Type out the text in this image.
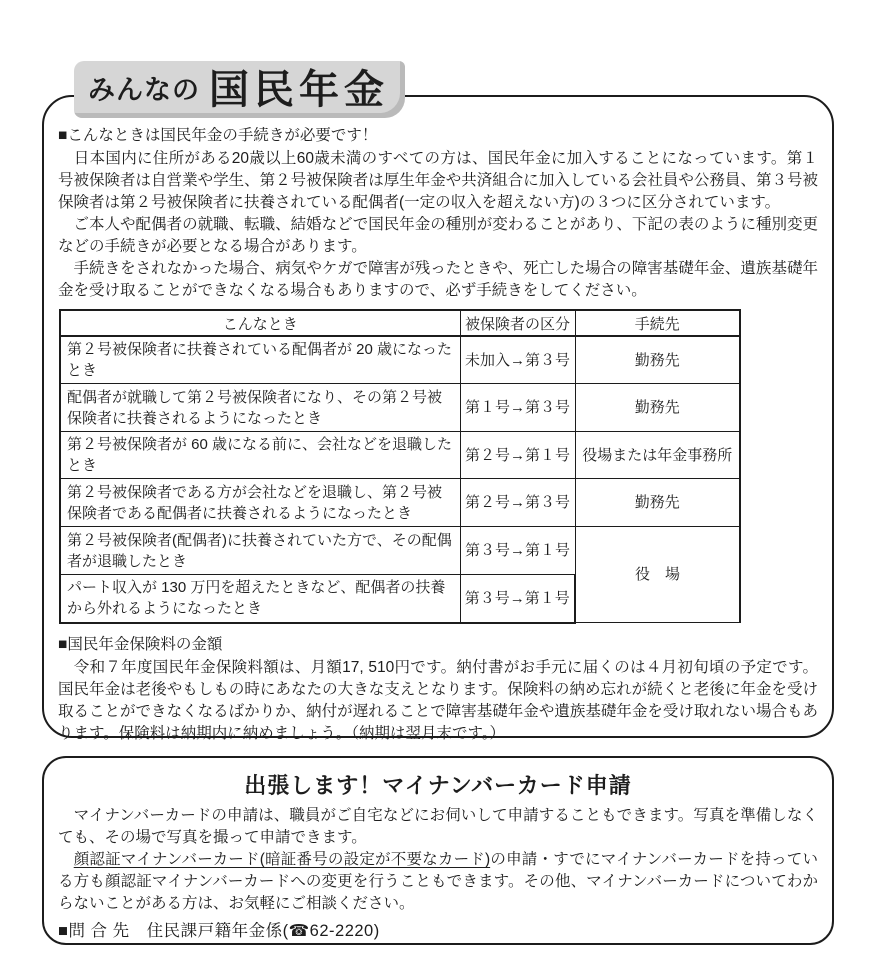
みんなの 国民年金
■こんなときは国民年金の手続きが必要です！

　日本国内に住所がある20歳以上60歳未満のすべての方は、国民年金に加入することになっています。第１号被保険者は自営業や学生、第２号被保険者は厚生年金や共済組合に加入している会社員や公務員、第３号被保険者は第２号被保険者に扶養されている配偶者(一定の収入を超えない方)の３つに区分されています。

　ご本人や配偶者の就職、転職、結婚などで国民年金の種別が変わることがあり、下記の表のように種別変更などの手続きが必要となる場合があります。

　手続きをされなかった場合、病気やケガで障害が残ったときや、死亡した場合の障害基礎年金、遺族基礎年金を受け取ることができなくなる場合もありますので、必ず手続きをしてください。

こんなとき	被保険者の区分	手続先
第２号被保険者に扶養されている配偶者が 20 歳になったとき	未加入→第３号	勤務先
配偶者が就職して第２号被保険者になり、その第２号被保険者に扶養されるようになったとき	第１号→第３号	勤務先
第２号被保険者が 60 歳になる前に、会社などを退職したとき	第２号→第１号	役場または年金事務所
第２号被保険者である方が会社などを退職し、第２号被保険者である配偶者に扶養されるようになったとき	第２号→第３号	勤務先
第２号被保険者(配偶者)に扶養されていた方で、その配偶者が退職したとき	第３号→第１号	役　場
パート収入が 130 万円を超えたときなど、配偶者の扶養から外れるようになったとき	第３号→第１号	
■国民年金保険料の金額

　令和７年度国民年金保険料額は、月額17, 510円です。納付書がお手元に届くのは４月初旬頃の予定です。国民年金は老後やもしもの時にあなたの大きな支えとなります。保険料の納め忘れが続くと老後に年金を受け取ることができなくなるばかりか、納付が遅れることで障害基礎年金や遺族基礎年金を受け取れない場合もあります。保険料は納期内に納めましょう。（納期は翌月末です。）

出張します！マイナンバーカード申請

　マイナンバーカードの申請は、職員がご自宅などにお伺いして申請することもできます。写真を準備しなくても、その場で写真を撮って申請できます。

　顔認証マイナンバーカード(暗証番号の設定が不要なカード)の申請・すでにマイナンバーカードを持っている方も顔認証マイナンバーカードへの変更を行うこともできます。その他、マイナンバーカードについてわからないことがある方は、お気軽にご相談ください。

■問 合 先　住民課戸籍年金係(☎62-2220)
